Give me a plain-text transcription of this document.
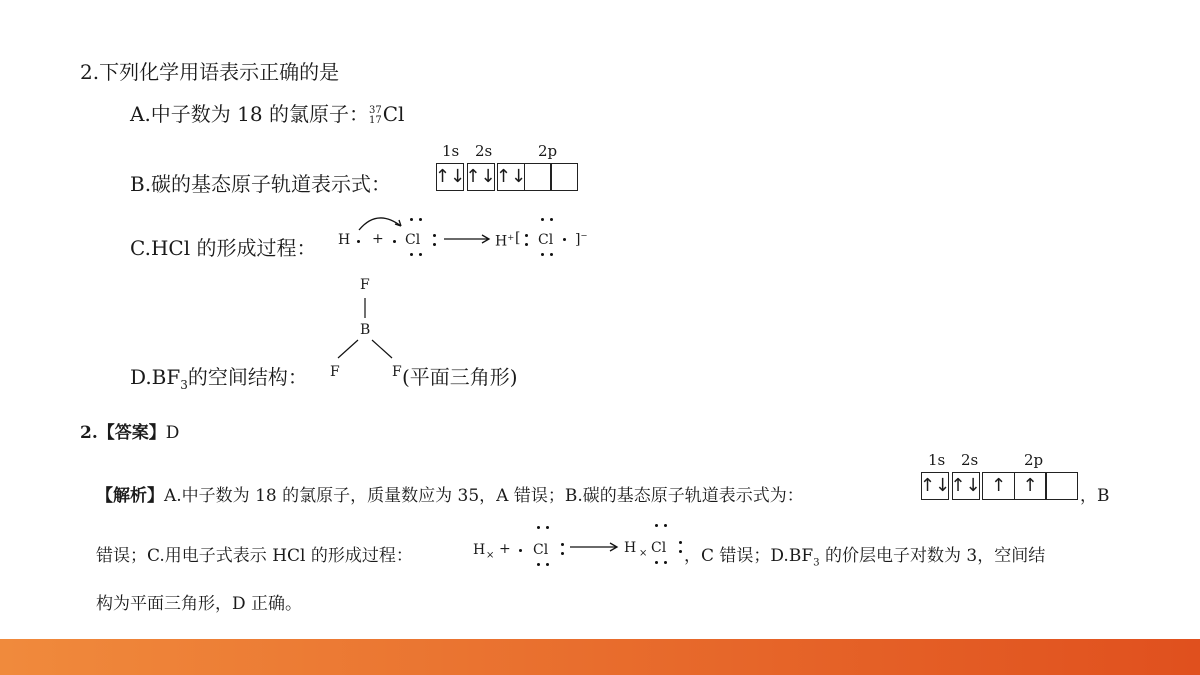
2.下列化学用语表示正确的是
A.中子数为 18 的氯原子： 37
17 Cl
B.碳的基态原子轨道表示式：
1s 2s	2p
↑↓ ↑↓ ↑↓
C.HCl 的形成过程： H + Cl → H+ [ Cl ]−
$D.BF_3$的空间结构：
F
B
F	F (平面三角形)
2.【答案】D
【解析】A.中子数为 18 的氯原子，质量数应为 35，A 错误；B.碳的基态原子轨道表示式为：
1s 2s	2p
↑↓ ↑↓ ↑ ↑	，B
错误；C.用电子式表示 HCl 的形成过程：	H × + Cl	H × Cl ，C 错误；$D.BF_3$ 的价层电子对数为 3，空间结
构为平面三角形，D 正确。
